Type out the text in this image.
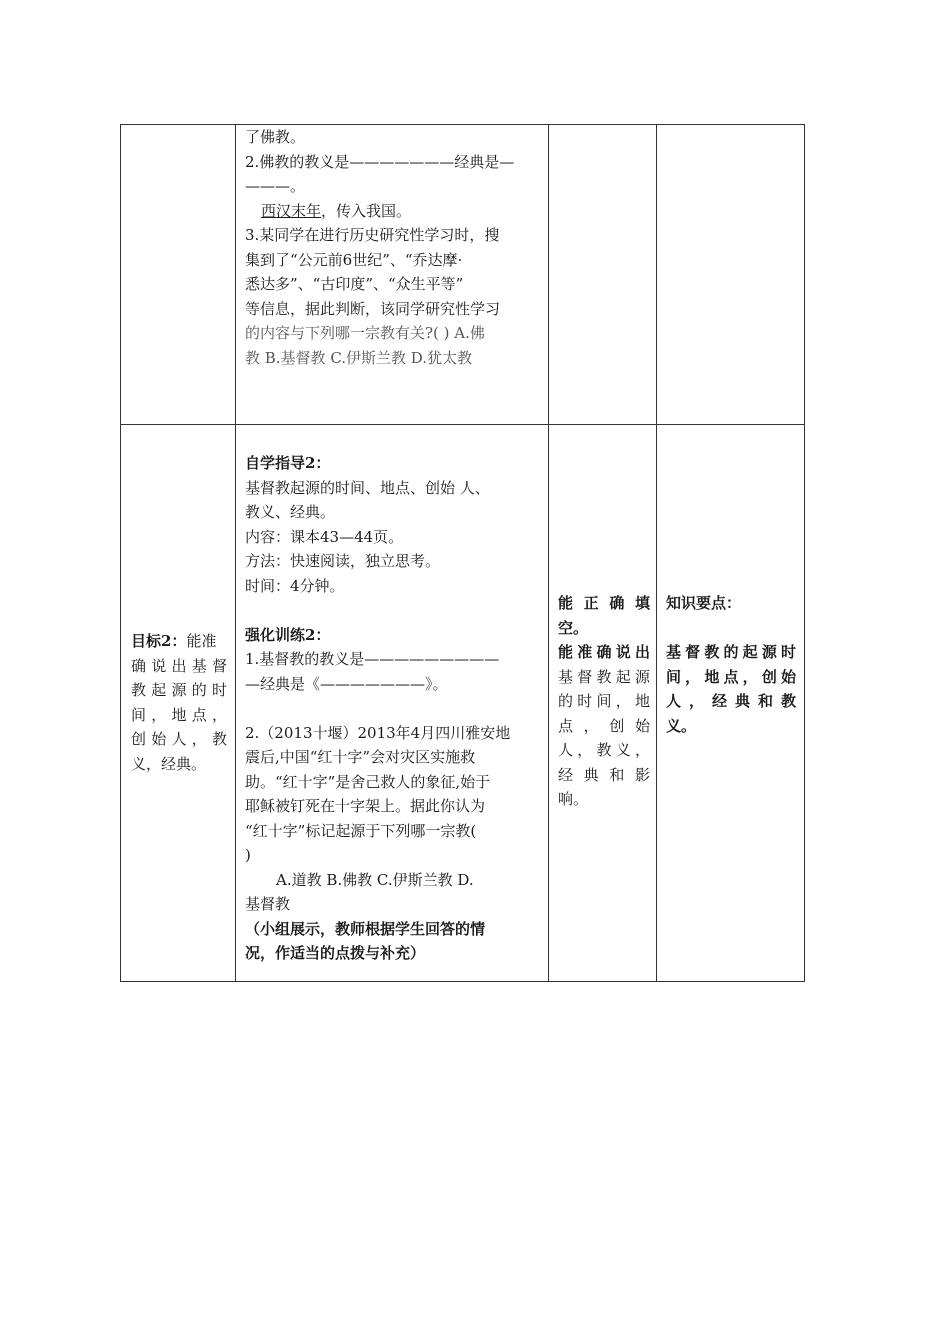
了佛教。

2.佛教的教义是———————经典是—

———。

西汉末年，传入我国。

3.某同学在进行历史研究性学习时，搜

集到了“公元前6世纪”、“乔达摩·

悉达多”、“古印度”、“众生平等”

等信息，据此判断，该同学研究性学习

的内容与下列哪一宗教有关?( ) A.佛

教 B.基督教 C.伊斯兰教 D.犹太教

目标2：能准

确说出基督

教起源的时

间，地点，

创始人，教

义，经典。

自学指导2：

基督教起源的时间、地点、创始 人、

教义、经典。

内容：课本43—44页。

方法：快速阅读，独立思考。

时间：4分钟。

强化训练2：

1.基督教的教义是—————————

—经典是《———————》。

2.（2013十堰）2013年4月四川雅安地

震后,中国“红十字”会对灾区实施救

助。“红十字”是舍己救人的象征,始于

耶稣被钉死在十字架上。据此你认为

“红十字”标记起源于下列哪一宗教(

)

A.道教 B.佛教 C.伊斯兰教 D.

基督教

（小组展示，教师根据学生回答的情

况，作适当的点拨与补充）

能正确填

空。

能准确说出

基督教起源

的时间，地

点，创始

人，教义，

经典和影

响。

知识要点：

基督教的起源时

间，地点，创始

人，经典和教

义。
